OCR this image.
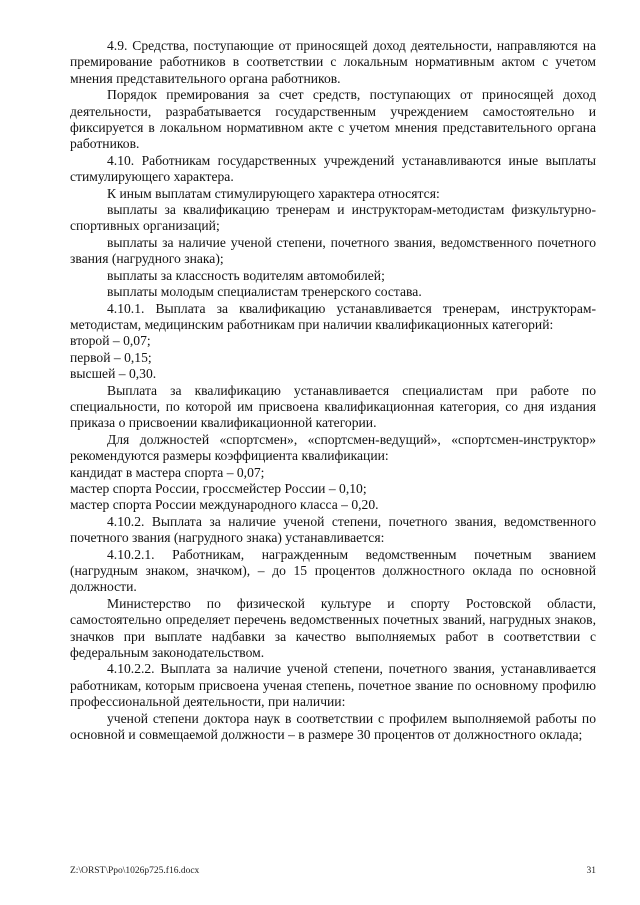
4.9. Средства, поступающие от приносящей доход деятельности, направляются на премирование работников в соответствии с локальным нормативным актом с учетом мнения представительного органа работников.

Порядок премирования за счет средств, поступающих от приносящей доход деятельности, разрабатывается государственным учреждением самостоятельно и фиксируется в локальном нормативном акте с учетом мнения представительного органа работников.

4.10. Работникам государственных учреждений устанавливаются иные выплаты стимулирующего характера.

К иным выплатам стимулирующего характера относятся:

выплаты за квалификацию тренерам и инструкторам-методистам физкультурно-спортивных организаций;

выплаты за наличие ученой степени, почетного звания, ведомственного почетного звания (нагрудного знака);

выплаты за классность водителям автомобилей;

выплаты молодым специалистам тренерского состава.

4.10.1. Выплата за квалификацию устанавливается тренерам, инструкторам-методистам, медицинским работникам при наличии квалификационных категорий:

второй – 0,07;

первой – 0,15;

высшей – 0,30.

Выплата за квалификацию устанавливается специалистам при работе по специальности, по которой им присвоена квалификационная категория, со дня издания приказа о присвоении квалификационной категории.

Для должностей «спортсмен», «спортсмен-ведущий», «спортсмен-инструктор» рекомендуются размеры коэффициента квалификации:

кандидат в мастера спорта – 0,07;

мастер спорта России, гроссмейстер России – 0,10;

мастер спорта России международного класса – 0,20.

4.10.2. Выплата за наличие ученой степени, почетного звания, ведомственного почетного звания (нагрудного знака) устанавливается:

4.10.2.1. Работникам, награжденным ведомственным почетным званием (нагрудным знаком, значком), – до 15 процентов должностного оклада по основной должности.

Министерство по физической культуре и спорту Ростовской области, самостоятельно определяет перечень ведомственных почетных званий, нагрудных знаков, значков при выплате надбавки за качество выполняемых работ в соответствии с федеральным законодательством.

4.10.2.2. Выплата за наличие ученой степени, почетного звания, устанавливается работникам, которым присвоена ученая степень, почетное звание по основному профилю профессиональной деятельности, при наличии:

ученой степени доктора наук в соответствии с профилем выполняемой работы по основной и совмещаемой должности – в размере 30 процентов от должностного оклада;

Z:\ORST\Ppo\1026p725.f16.docx	31
